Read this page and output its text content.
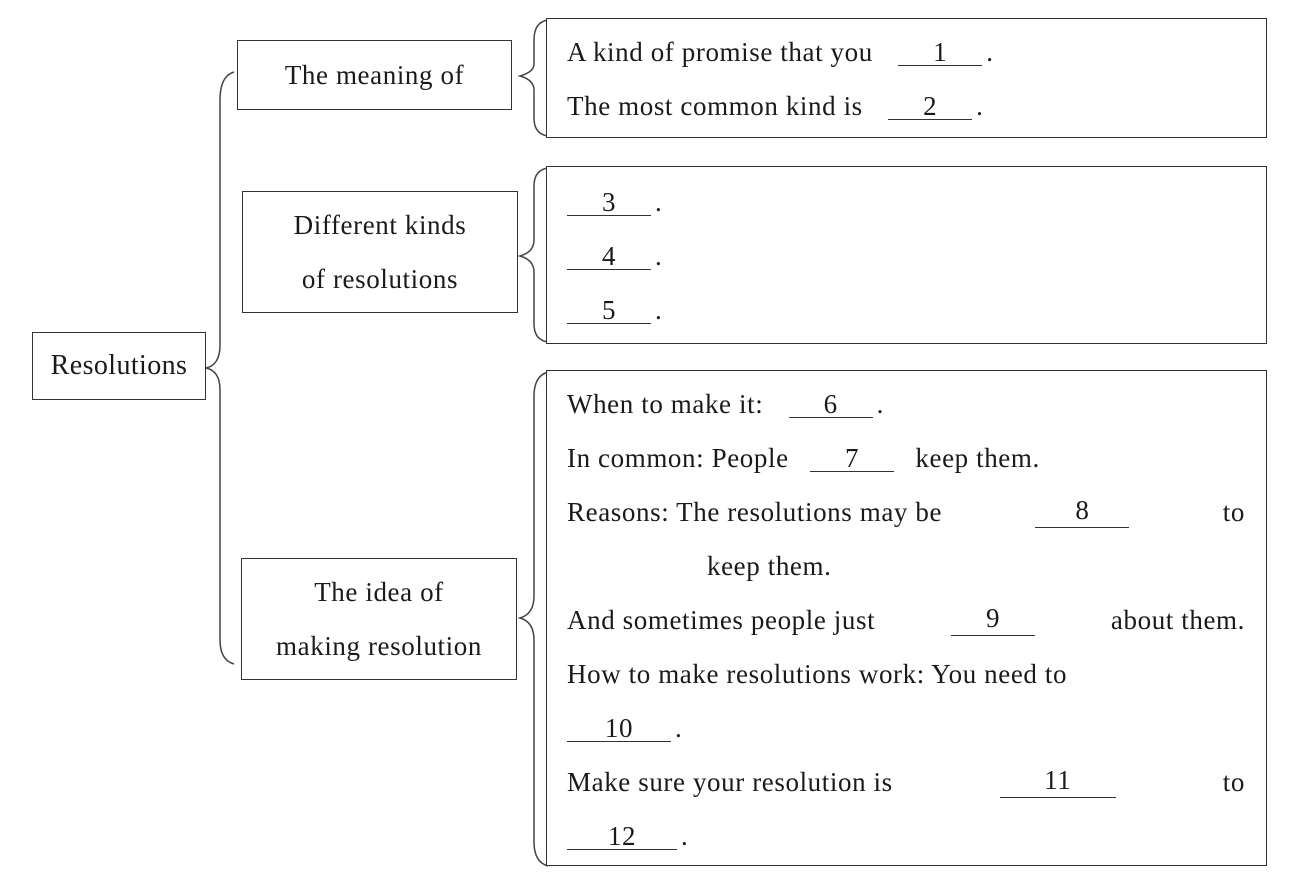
Resolutions
The meaning of
Different kinds
of resolutions
The idea of
making resolution
A kind of promise that you 1 .
The most common kind is 2 .
3 .
4 .
5 .
When to make it: 6 .
In common: People 7 keep them.
Reasons: The resolutions may be	8	to
keep them.
And sometimes people just	9	about them.
How to make resolutions work: You need to
10 .
Make sure your resolution is	11	to
12 .
